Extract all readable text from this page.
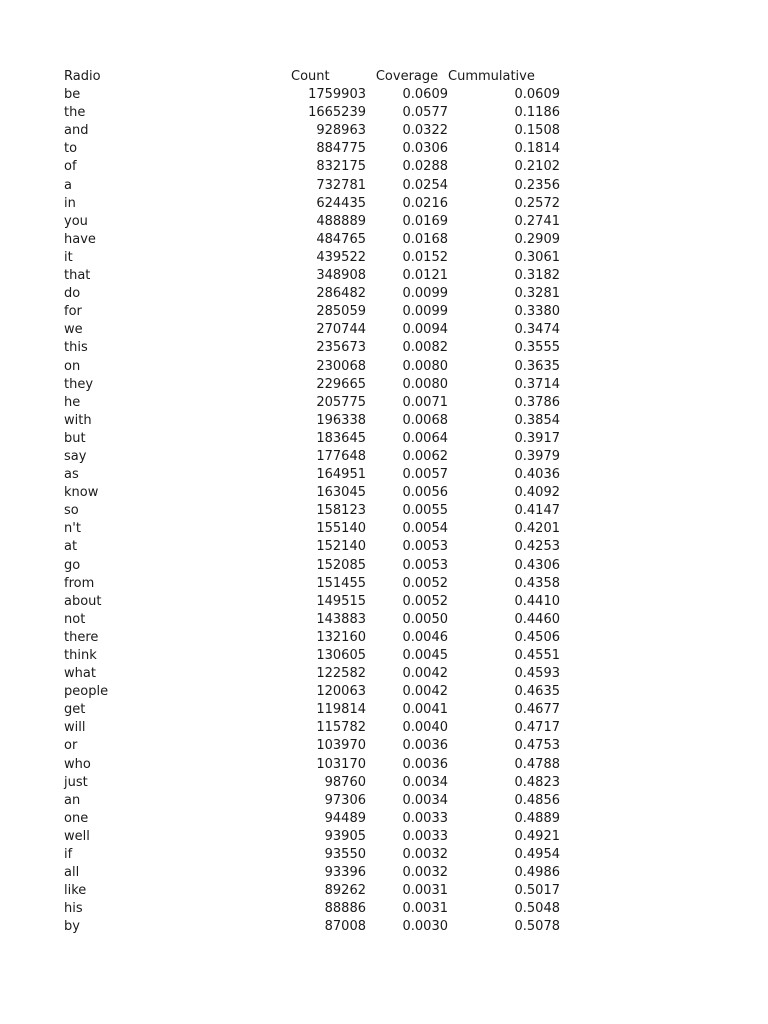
Radio	Count	Coverage	Cummulative
be	1759903	0.0609	0.0609
the	1665239	0.0577	0.1186
and	928963	0.0322	0.1508
to	884775	0.0306	0.1814
of	832175	0.0288	0.2102
a	732781	0.0254	0.2356
in	624435	0.0216	0.2572
you	488889	0.0169	0.2741
have	484765	0.0168	0.2909
it	439522	0.0152	0.3061
that	348908	0.0121	0.3182
do	286482	0.0099	0.3281
for	285059	0.0099	0.3380
we	270744	0.0094	0.3474
this	235673	0.0082	0.3555
on	230068	0.0080	0.3635
they	229665	0.0080	0.3714
he	205775	0.0071	0.3786
with	196338	0.0068	0.3854
but	183645	0.0064	0.3917
say	177648	0.0062	0.3979
as	164951	0.0057	0.4036
know	163045	0.0056	0.4092
so	158123	0.0055	0.4147
n't	155140	0.0054	0.4201
at	152140	0.0053	0.4253
go	152085	0.0053	0.4306
from	151455	0.0052	0.4358
about	149515	0.0052	0.4410
not	143883	0.0050	0.4460
there	132160	0.0046	0.4506
think	130605	0.0045	0.4551
what	122582	0.0042	0.4593
people	120063	0.0042	0.4635
get	119814	0.0041	0.4677
will	115782	0.0040	0.4717
or	103970	0.0036	0.4753
who	103170	0.0036	0.4788
just	98760	0.0034	0.4823
an	97306	0.0034	0.4856
one	94489	0.0033	0.4889
well	93905	0.0033	0.4921
if	93550	0.0032	0.4954
all	93396	0.0032	0.4986
like	89262	0.0031	0.5017
his	88886	0.0031	0.5048
by	87008	0.0030	0.5078
